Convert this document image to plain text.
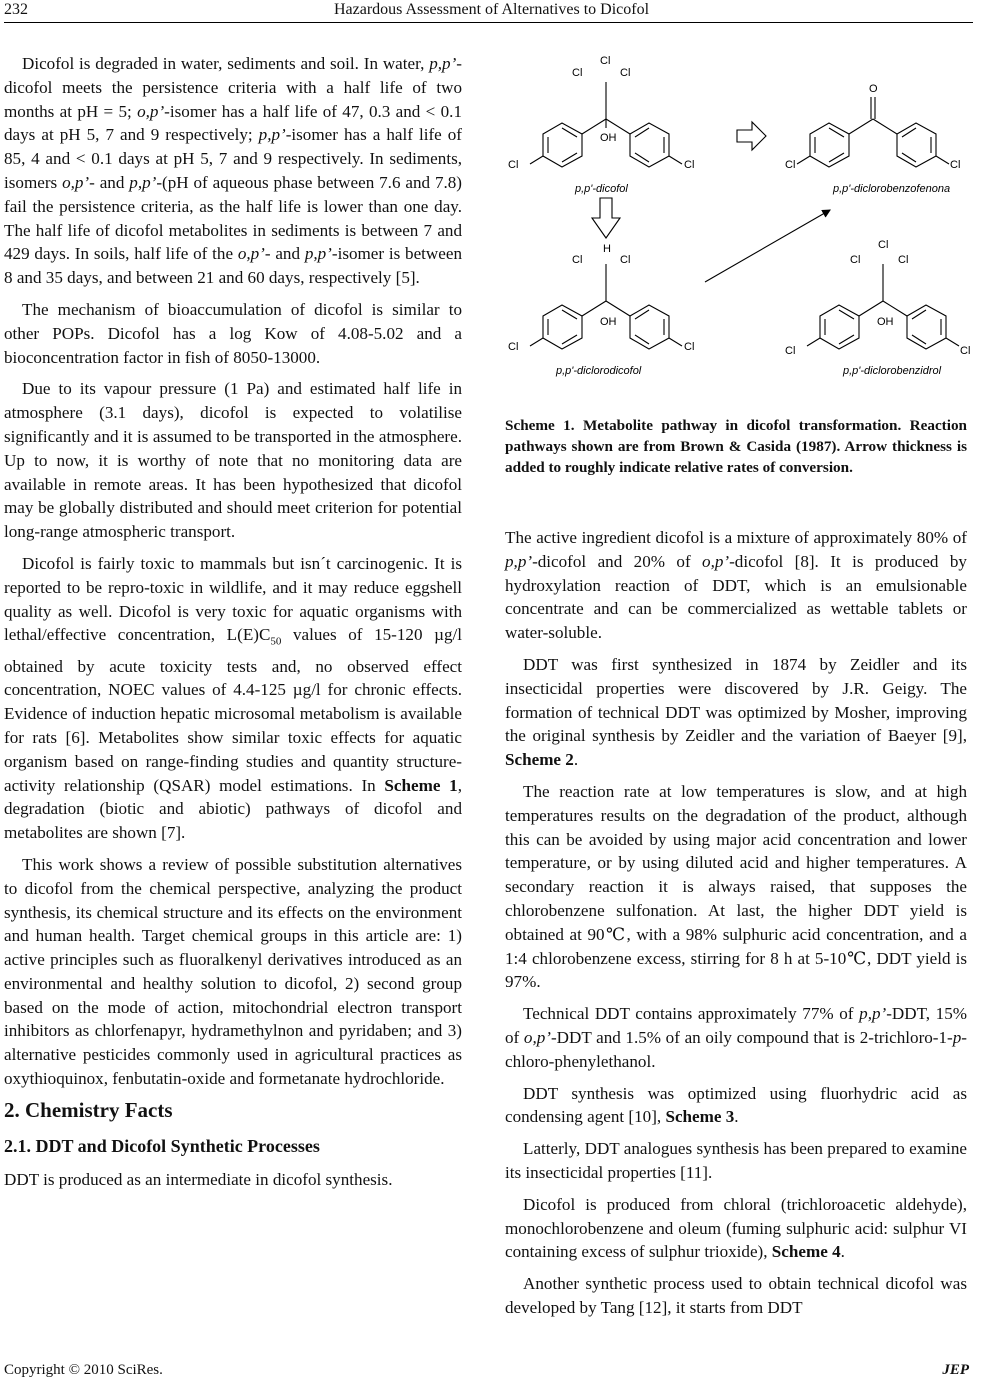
232	Hazardous Assessment of Alternatives to Dicofol

Dicofol is degraded in water, sediments and soil. In water, p,p’-dicofol meets the persistence criteria with a half life of two months at pH = 5; o,p’-isomer has a half life of 47, 0.3 and < 0.1 days at pH 5, 7 and 9 respectively; p,p’-isomer has a half life of 85, 4 and < 0.1 days at pH 5, 7 and 9 respectively. In sediments, isomers o,p’- and p,p’-(pH of aqueous phase between 7.6 and 7.8) fail the persistence criteria, as the half life is lower than one day. The half life of dicofol metabolites in sediments is between 7 and 429 days. In soils, half life of the o,p’- and p,p’-isomer is between 8 and 35 days, and between 21 and 60 days, respectively [5].

The mechanism of bioaccumulation of dicofol is similar to other POPs. Dicofol has a log Kow of 4.08-5.02 and a bioconcentration factor in fish of 8050-13000.

Due to its vapour pressure (1 Pa) and estimated half life in atmosphere (3.1 days), dicofol is expected to volatilise significantly and it is assumed to be transported in the atmosphere. Up to now, it is worthy of note that no monitoring data are available in remote areas. It has been hypothesized that dicofol may be globally distributed and should meet criterion for potential long-range atmospheric transport.

Dicofol is fairly toxic to mammals but isn´t carcinogenic. It is reported to be repro-toxic in wildlife, and it may reduce eggshell quality as well. Dicofol is very toxic for aquatic organisms with lethal/effective concentration, $L(E)C_{50}$ values of 15-120 µg/l obtained by acute toxicity tests and, no observed effect concentration, NOEC values of 4.4-125 µg/l for chronic effects. Evidence of induction hepatic microsomal metabolism is available for rats [6]. Metabolites show similar toxic effects for aquatic organism based on range-finding studies and quantity structure-activity relationship (QSAR) model estimations. In Scheme 1, degradation (biotic and abiotic) pathways of dicofol and metabolites are shown [7].

This work shows a review of possible substitution alternatives to dicofol from the chemical perspective, analyzing the product synthesis, its chemical structure and its effects on the environment and human health. Target chemical groups in this article are: 1) active principles such as fluoralkenyl derivatives introduced as an environmental and healthy solution to dicofol, 2) second group based on the mode of action, mitochondrial electron transport inhibitors as chlorfenapyr, hydramethylnon and pyridaben; and 3) alternative pesticides commonly used in agricultural practices as oxythioquinox, fenbutatin-oxide and formetanate hydrochloride.

2. Chemistry Facts

2.1. DDT and Dicofol Synthetic Processes

DDT is produced as an intermediate in dicofol synthesis.

Cl
Cl	Cl
OH
Cl	Cl
p,p'-dicofol
O
Cl	Cl
p,p'-diclorobenzofenona
H
Cl	Cl
OH
Cl	Cl
p,p'-diclorodicofol
Cl
Cl	Cl
OH
Cl	Cl
p,p'-diclorobenzidrol
Scheme 1. Metabolite pathway in dicofol transformation. Reaction pathways shown are from Brown & Casida (1987). Arrow thickness is added to roughly indicate relative rates of conversion.

The active ingredient dicofol is a mixture of approximately 80% of p,p’-dicofol and 20% of o,p’-dicofol [8]. It is produced by hydroxylation reaction of DDT, which is an emulsionable concentrate and can be commercialized as wettable tablets or water-soluble.

DDT was first synthesized in 1874 by Zeidler and its insecticidal properties were discovered by J.R. Geigy. The formation of technical DDT was optimized by Mosher, improving the original synthesis by Zeidler and the variation of Baeyer [9], Scheme 2.

The reaction rate at low temperatures is slow, and at high temperatures results on the degradation of the product, although this can be avoided by using major acid concentration and lower temperature, or by using diluted acid and higher temperatures. A secondary reaction it is always raised, that supposes the chlorobenzene sulfonation. At last, the higher DDT yield is obtained at 90℃, with a 98% sulphuric acid concentration, and a 1:4 chlorobenzene excess, stirring for 8 h at 5-10℃, DDT yield is 97%.

Technical DDT contains approximately 77% of p,p’-DDT, 15% of o,p’-DDT and 1.5% of an oily compound that is 2-trichloro-1-p-chloro-phenylethanol.

DDT synthesis was optimized using fluorhydric acid as condensing agent [10], Scheme 3.

Latterly, DDT analogues synthesis has been prepared to examine its insecticidal properties [11].

Dicofol is produced from chloral (trichloroacetic aldehyde), monochlorobenzene and oleum (fuming sulphuric acid: sulphur VI containing excess of sulphur trioxide), Scheme 4.

Another synthetic process used to obtain technical dicofol was developed by Tang [12], it starts from DDT

Copyright © 2010 SciRes.	JEP
